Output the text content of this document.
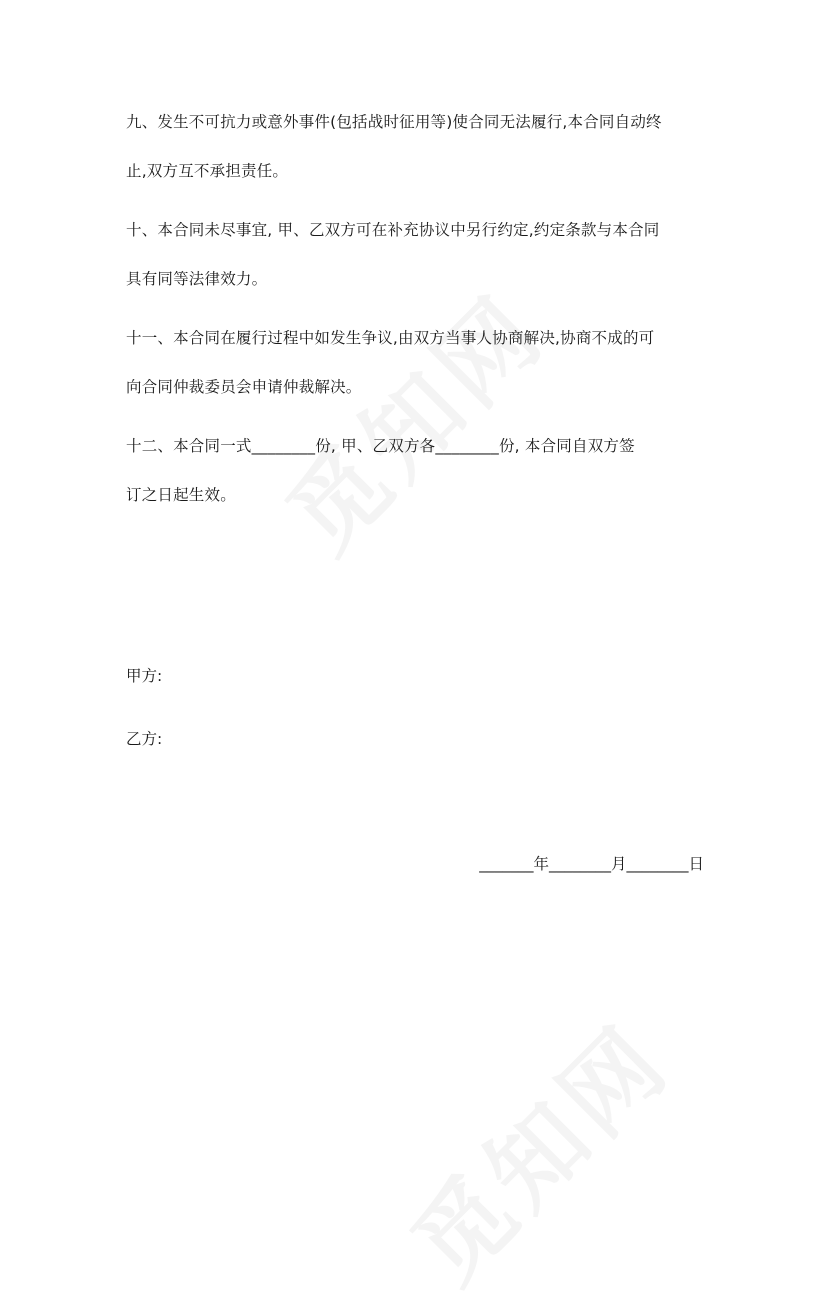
九、发生不可抗力或意外事件(包括战时征用等)使合同无法履行,本合同自动终
止,双方互不承担责任。

十、本合同未尽事宜, 甲、乙双方可在补充协议中另行约定,约定条款与本合同
具有同等法律效力。

十一、本合同在履行过程中如发生争议,由双方当事人协商解决,协商不成的可
向合同仲裁委员会申请仲裁解决。

十二、本合同一式________份, 甲、乙双方各________份, 本合同自双方签
订之日起生效。

甲方:
乙方:
_______年________月________日
